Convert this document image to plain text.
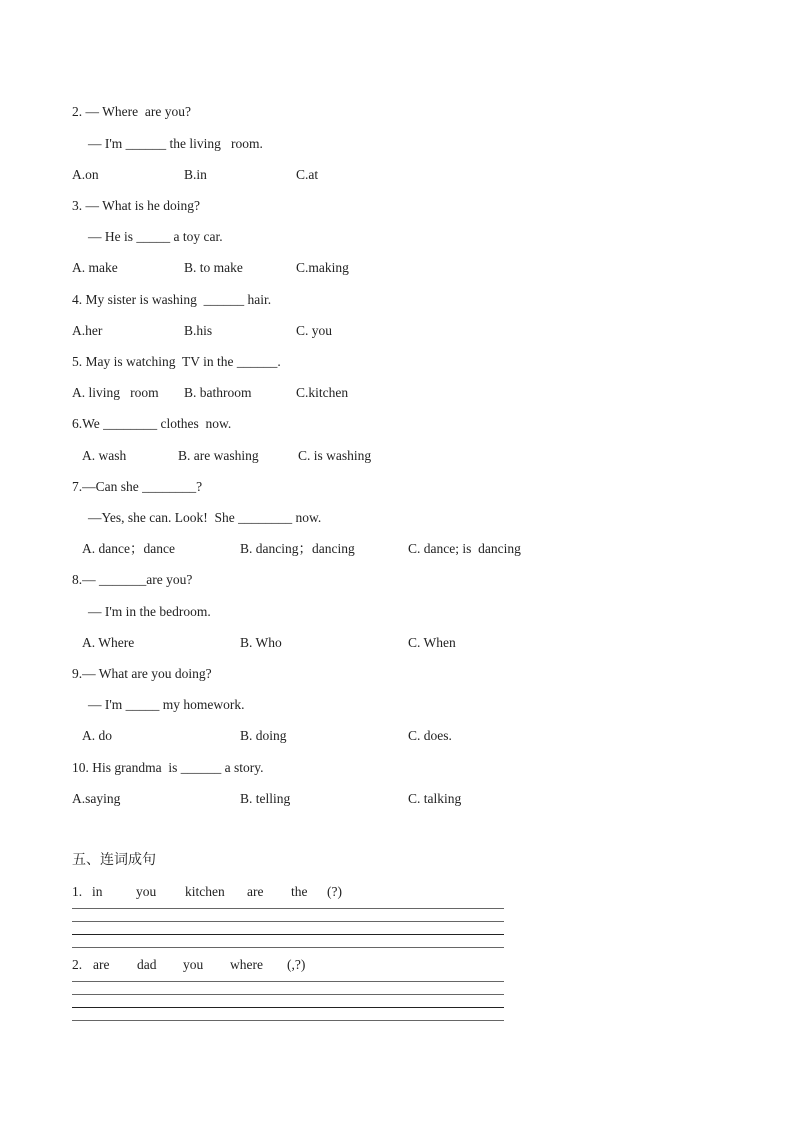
2. — Where  are you?
— I'm ______ the living   room.
A.on	B.in	C.at
3. — What is he doing?
— He is _____ a toy car.
A. make	B. to make	C.making
4. My sister is washing  ______ hair.
A.her	B.his	C. you
5. May is watching  TV in the ______.
A. living   room B. bathroom	C.kitchen
6.We ________ clothes  now.
A. wash	B. are washing	C. is washing
7.—Can she ________?
—Yes, she can. Look!  She ________ now.
A. dance；dance	B. dancing；dancing	C. dance; is  dancing
8.— _______are you?
— I'm in the bedroom.
A. Where	B. Who	C. When
9.— What are you doing?
— I'm _____ my homework.
A. do	B. doing	C. does.
10. His grandma  is ______ a story.
A.saying	B. telling	C. talking
五、连词成句
1. in you kitchen are the (?)
2. are dad you where (,?)
